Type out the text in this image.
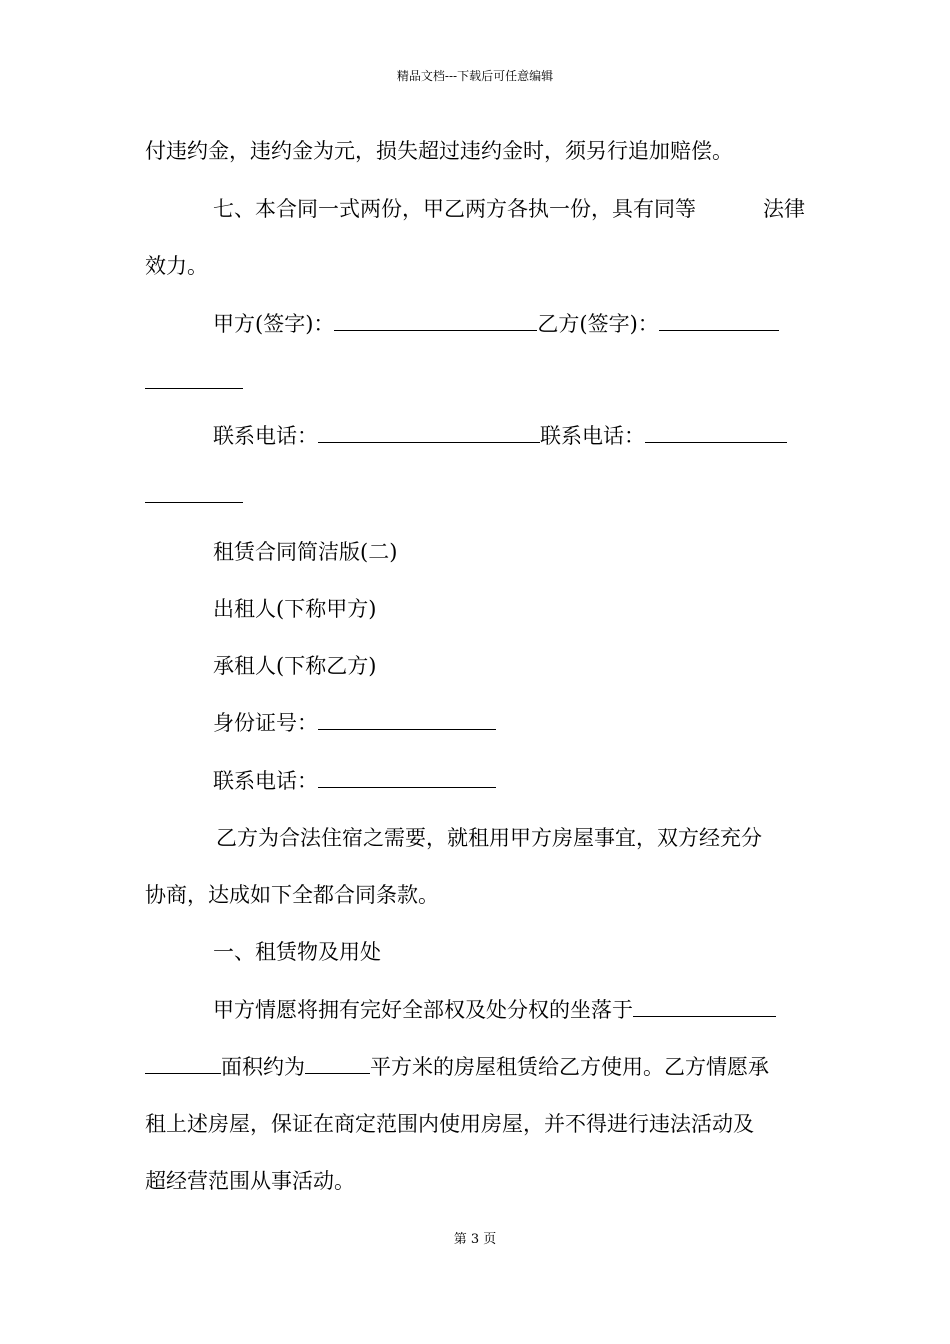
精品文档---下载后可任意编辑
付违约金，违约金为元，损失超过违约金时，须另行追加赔偿。
七、本合同一式两份，甲乙两方各执一份，具有同等	法律
效力。
甲方(签字)：	乙方(签字)：
联系电话：	联系电话：
租赁合同简洁版(二)
出租人(下称甲方)
承租人(下称乙方)
身份证号：
联系电话：
乙方为合法住宿之需要，就租用甲方房屋事宜，双方经充分
协商，达成如下全都合同条款。
一、租赁物及用处
甲方情愿将拥有完好全部权及处分权的坐落于
面积约为	平方米的房屋租赁给乙方使用。乙方情愿承
租上述房屋，保证在商定范围内使用房屋，并不得进行违法活动及
超经营范围从事活动。
第 3 页
